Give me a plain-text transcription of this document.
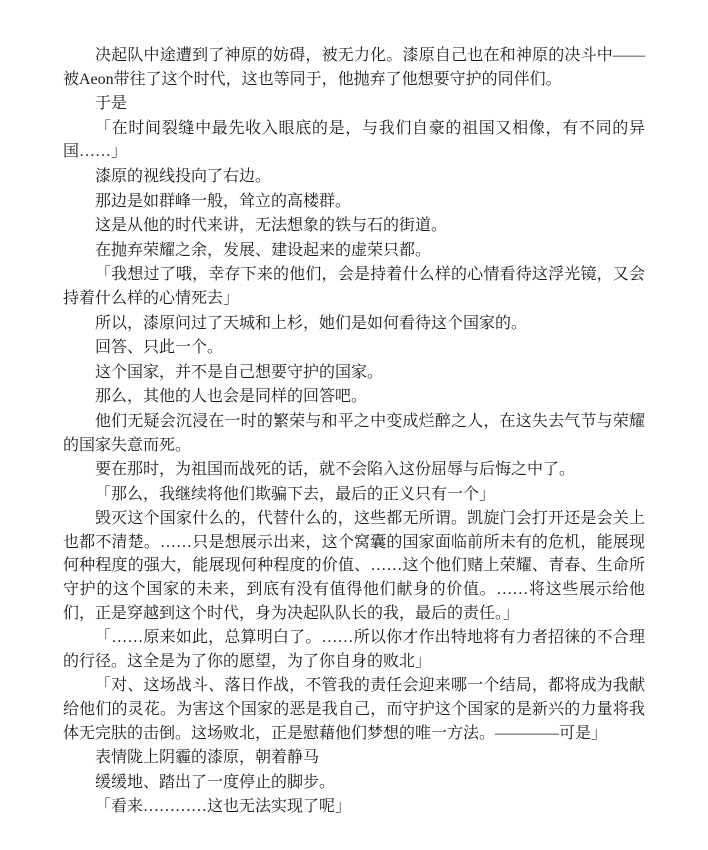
决起队中途遭到了神原的妨碍，被无力化。漆原自己也在和神原的决斗中——被Aeon带往了这个时代，这也等同于，他抛弃了他想要守护的同伴们。

于是

「在时间裂缝中最先收入眼底的是，与我们自豪的祖国又相像，有不同的异国……」

漆原的视线投向了右边。

那边是如群峰一般，耸立的高楼群。

这是从他的时代来讲，无法想象的铁与石的街道。

在抛弃荣耀之余，发展、建设起来的虚荣只都。

「我想过了哦，幸存下来的他们，会是持着什么样的心情看待这浮光镜，又会持着什么样的心情死去」

所以，漆原问过了天城和上杉，她们是如何看待这个国家的。

回答、只此一个。

这个国家，并不是自己想要守护的国家。

那么，其他的人也会是同样的回答吧。

他们无疑会沉浸在一时的繁荣与和平之中变成烂醉之人，在这失去气节与荣耀的国家失意而死。

要在那时，为祖国而战死的话，就不会陷入这份屈辱与后悔之中了。

「那么，我继续将他们欺骗下去，最后的正义只有一个」

毁灭这个国家什么的，代替什么的，这些都无所谓。凯旋门会打开还是会关上也都不清楚。……只是想展示出来，这个窝囊的国家面临前所未有的危机，能展现何种程度的强大，能展现何种程度的价值、……这个他们赌上荣耀、青春、生命所守护的这个国家的未来，到底有没有值得他们献身的价值。……将这些展示给他们，正是穿越到这个时代，身为决起队队长的我，最后的责任。」

「……原来如此，总算明白了。……所以你才作出特地将有力者招徕的不合理的行径。这全是为了你的愿望，为了你自身的败北」

「对、这场战斗、落日作战，不管我的责任会迎来哪一个结局，都将成为我献给他们的灵花。为害这个国家的恶是我自己，而守护这个国家的是新兴的力量将我体无完肤的击倒。这场败北，正是慰藉他们梦想的唯一方法。————可是」

表情陇上阴霾的漆原，朝着静马

缓缓地、踏出了一度停止的脚步。

「看来…………这也无法实现了呢」
